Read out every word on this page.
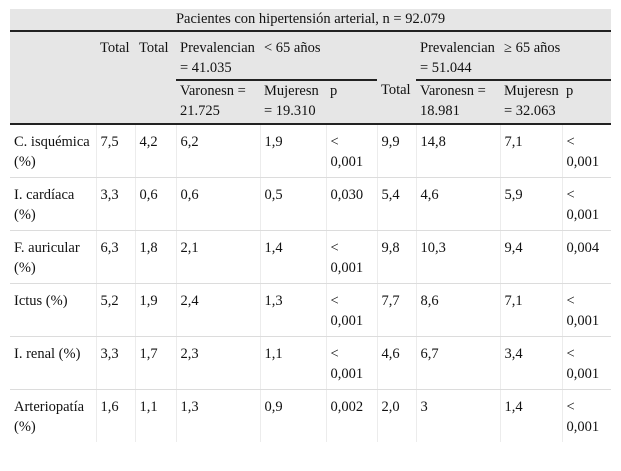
Pacientes con hipertensión arterial, n = 92.079									
	Total	Total	Prevalencian = 41.035	< 65 años			Prevalencian = 51.044	≥ 65 años	
			Varonesn = 21.725	Mujeresn = 19.310	p	Total	Varonesn = 18.981	Mujeresn = 32.063	p
C. isquémica (%)	7,5	4,2	6,2	1,9	< 0,001	9,9	14,8	7,1	< 0,001
I. cardíaca (%)	3,3	0,6	0,6	0,5	0,030	5,4	4,6	5,9	< 0,001
F. auricular (%)	6,3	1,8	2,1	1,4	< 0,001	9,8	10,3	9,4	0,004
Ictus (%)	5,2	1,9	2,4	1,3	< 0,001	7,7	8,6	7,1	< 0,001
I. renal (%)	3,3	1,7	2,3	1,1	< 0,001	4,6	6,7	3,4	< 0,001
Arteriopatía (%)	1,6	1,1	1,3	0,9	0,002	2,0	3	1,4	< 0,001
